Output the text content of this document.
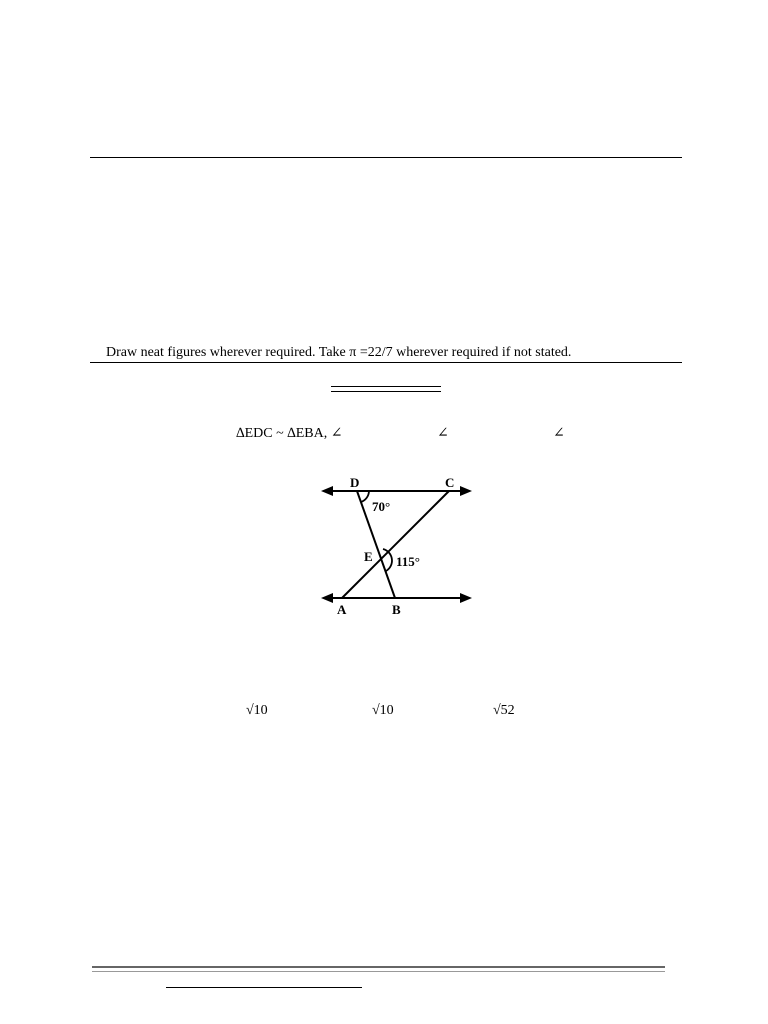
Draw neat figures wherever required. Take π =22/7 wherever required if not stated.
∆EDC ~ ∆EBA, ∠	∠	∠
D	C
E
A	B
70°
115°
√10	√10	√52
